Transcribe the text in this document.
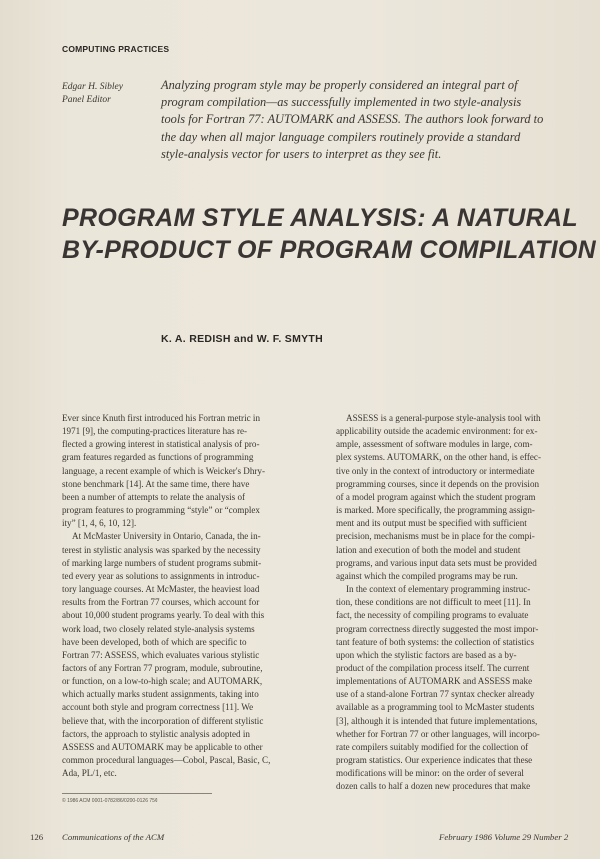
COMPUTING PRACTICES
Edgar H. Sibley
Panel Editor
Analyzing program style may be properly considered an integral part of
program compilation—as successfully implemented in two style-analysis
tools for Fortran 77: AUTOMARK and ASSESS. The authors look forward to
the day when all major language compilers routinely provide a standard
style-analysis vector for users to interpret as they see fit.
PROGRAM STYLE ANALYSIS: A NATURAL
BY-PRODUCT OF PROGRAM COMPILATION
K. A. REDISH and W. F. SMYTH
Ever since Knuth first introduced his Fortran metric in
1971 [9], the computing-practices literature has re-
flected a growing interest in statistical analysis of pro-
gram features regarded as functions of programming
language, a recent example of which is Weicker's Dhry-
stone benchmark [14]. At the same time, there have
been a number of attempts to relate the analysis of
program features to programming “style” or “complex
ity” [1, 4, 6, 10, 12].
At McMaster University in Ontario, Canada, the in-
terest in stylistic analysis was sparked by the necessity
of marking large numbers of student programs submit-
ted every year as solutions to assignments in introduc-
tory language courses. At McMaster, the heaviest load
results from the Fortran 77 courses, which account for
about 10,000 student programs yearly. To deal with this
work load, two closely related style-analysis systems
have been developed, both of which are specific to
Fortran 77: ASSESS, which evaluates various stylistic
factors of any Fortran 77 program, module, subroutine,
or function, on a low-to-high scale; and AUTOMARK,
which actually marks student assignments, taking into
account both style and program correctness [11]. We
believe that, with the incorporation of different stylistic
factors, the approach to stylistic analysis adopted in
ASSESS and AUTOMARK may be applicable to other
common procedural languages—Cobol, Pascal, Basic, C,
Ada, PL/1, etc.
© 1986 ACM 0001-0782/86/0200-0126 75¢
ASSESS is a general-purpose style-analysis tool with
applicability outside the academic environment: for ex-
ample, assessment of software modules in large, com-
plex systems. AUTOMARK, on the other hand, is effec-
tive only in the context of introductory or intermediate
programming courses, since it depends on the provision
of a model program against which the student program
is marked. More specifically, the programming assign-
ment and its output must be specified with sufficient
precision, mechanisms must be in place for the compi-
lation and execution of both the model and student
programs, and various input data sets must be provided
against which the compiled programs may be run.
In the context of elementary programming instruc-
tion, these conditions are not difficult to meet [11]. In
fact, the necessity of compiling programs to evaluate
program correctness directly suggested the most impor-
tant feature of both systems: the collection of statistics
upon which the stylistic factors are based as a by-
product of the compilation process itself. The current
implementations of AUTOMARK and ASSESS make
use of a stand-alone Fortran 77 syntax checker already
available as a programming tool to McMaster students
[3], although it is intended that future implementations,
whether for Fortran 77 or other languages, will incorpo-
rate compilers suitably modified for the collection of
program statistics. Our experience indicates that these
modifications will be minor: on the order of several
dozen calls to half a dozen new procedures that make
126 Communications of the ACM	February 1986 Volume 29 Number 2
